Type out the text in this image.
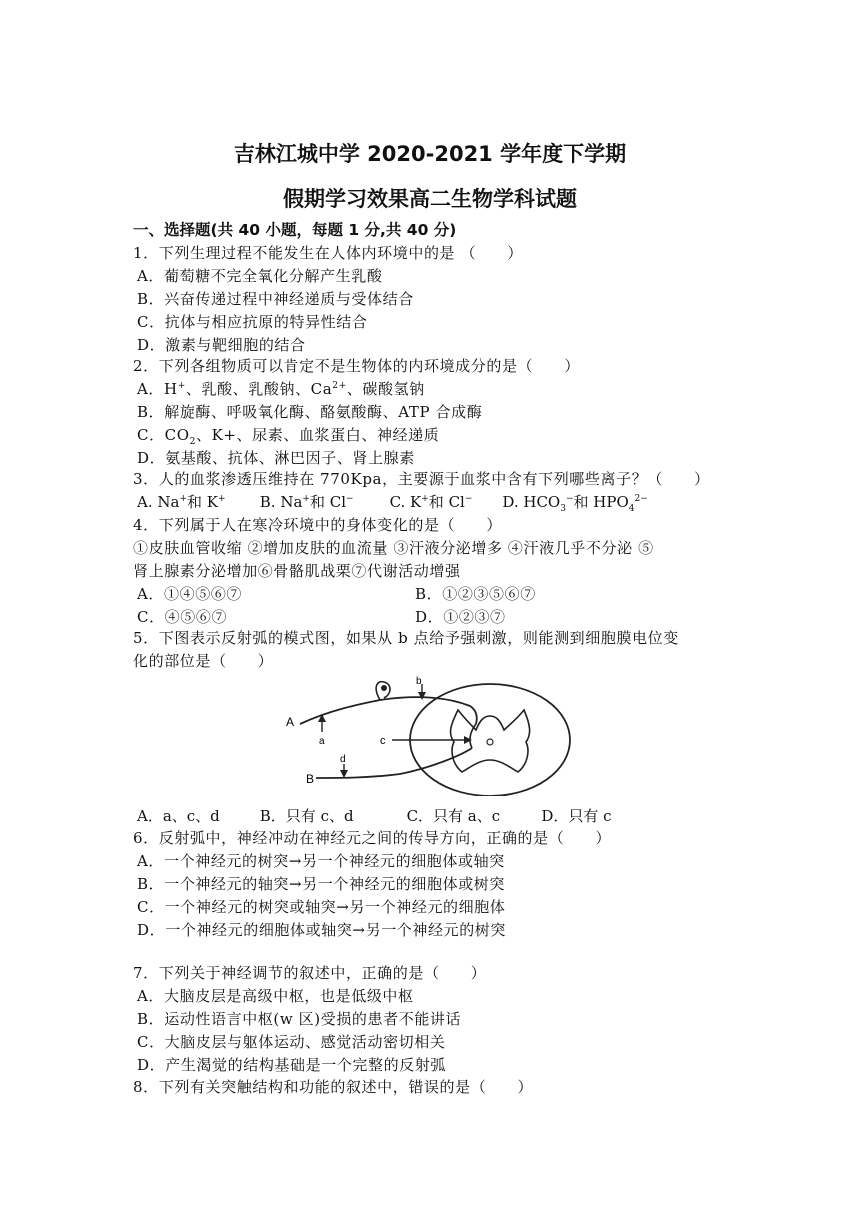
吉林江城中学 2020-2021 学年度下学期
假期学习效果高二生物学科试题
一、选择题(共 40 小题，每题 1 分,共 40 分)
1．下列生理过程不能发生在人体内环境中的是 （　　）
A．葡萄糖不完全氧化分解产生乳酸
B．兴奋传递过程中神经递质与受体结合
C．抗体与相应抗原的特异性结合
D．激素与靶细胞的结合
2．下列各组物质可以肯定不是生物体的内环境成分的是（　　）
A．H+、乳酸、乳酸钠、$Ca^{2+}$、碳酸氢钠
B．解旋酶、呼吸氧化酶、酪氨酸酶、ATP 合成酶
C．$CO_2$、K+、尿素、血浆蛋白、神经递质
D．氨基酸、抗体、淋巴因子、肾上腺素
3．人的血浆渗透压维持在 770Kpa，主要源于血浆中含有下列哪些离子？（　　）
A. Na+和 K+ B. Na+和 Cl− C. K+和 Cl− D. $HCO_3^-$和 $HPO_4^{2-}$
4．下列属于人在寒冷环境中的身体变化的是（　　）
①皮肤血管收缩 ②增加皮肤的血流量 ③汗液分泌增多 ④汗液几乎不分泌 ⑤
肾上腺素分泌增加⑥骨骼肌战栗⑦代谢活动增强
A．①④⑤⑥⑦	B．①②③⑤⑥⑦
C．④⑤⑥⑦	D．①②③⑦
5．下图表示反射弧的模式图，如果从 b 点给予强刺激，则能测到细胞膜电位变
化的部位是（　　）
A
a
b
c
d
B
A．a、c、d	B．只有 c、d	C．只有 a、c	D．只有 c
6．反射弧中，神经冲动在神经元之间的传导方向，正确的是（　　）
A．一个神经元的树突→另一个神经元的细胞体或轴突
B．一个神经元的轴突→另一个神经元的细胞体或树突
C．一个神经元的树突或轴突→另一个神经元的细胞体
D．一个神经元的细胞体或轴突→另一个神经元的树突
7．下列关于神经调节的叙述中，正确的是（　　）
A．大脑皮层是高级中枢，也是低级中枢
B．运动性语言中枢(w 区)受损的患者不能讲话
C．大脑皮层与躯体运动、感觉活动密切相关
D．产生渴觉的结构基础是一个完整的反射弧
8．下列有关突触结构和功能的叙述中，错误的是（　　）
